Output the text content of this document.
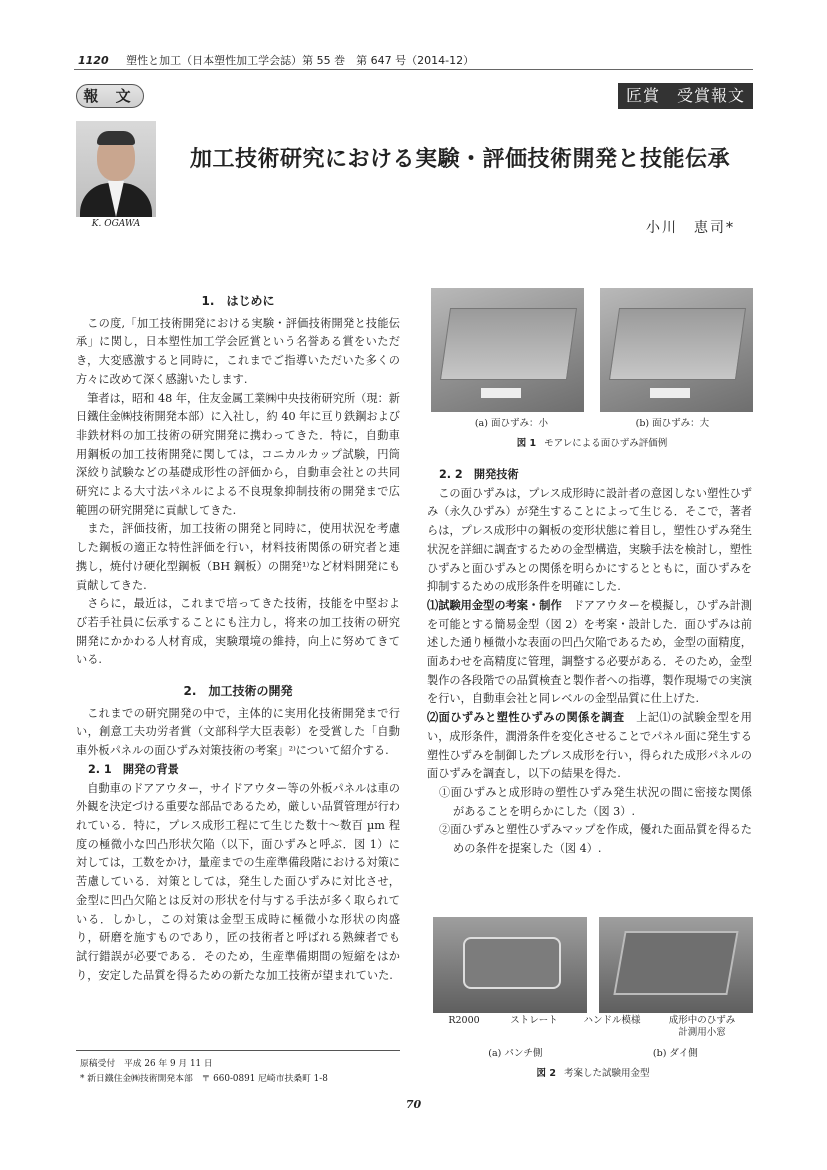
1120 塑性と加工（日本塑性加工学会誌）第 55 巻　第 647 号（2014-12）
報 文	匠賞　受賞報文
K. OGAWA
加工技術研究における実験・評価技術開発と技能伝承
小川　恵司*
1.　はじめに

この度,「加工技術開発における実験・評価技術開発と技能伝承」に関し，日本塑性加工学会匠賞という名誉ある賞をいただき，大変感激すると同時に，これまでご指導いただいた多くの方々に改めて深く感謝いたします.

筆者は，昭和 48 年，住友金属工業㈱中央技術研究所（現：新日鐵住金㈱技術開発本部）に入社し，約 40 年に亘り鉄鋼および非鉄材料の加工技術の研究開発に携わってきた．特に，自動車用鋼板の加工技術開発に関しては，コニカルカップ試験，円筒深絞り試験などの基礎成形性の評価から，自動車会社との共同研究による大寸法パネルによる不良現象抑制技術の開発まで広範囲の研究開発に貢献してきた.

また，評価技術，加工技術の開発と同時に，使用状況を考慮した鋼板の適正な特性評価を行い，材料技術関係の研究者と連携し，焼付け硬化型鋼板（BH 鋼板）の開発¹⁾など材料開発にも貢献してきた.

さらに，最近は，これまで培ってきた技術，技能を中堅および若手社員に伝承することにも注力し，将来の加工技術の研究開発にかかわる人材育成，実験環境の維持，向上に努めてきている.

2.　加工技術の開発

これまでの研究開発の中で，主体的に実用化技術開発まで行い，創意工夫功労者賞（文部科学大臣表彰）を受賞した「自動車外板パネルの面ひずみ対策技術の考案」²⁾について紹介する.

2. 1　開発の背景

自動車のドアアウター，サイドアウター等の外板パネルは車の外観を決定づける重要な部品であるため，厳しい品質管理が行われている．特に，プレス成形工程にて生じた数十～数百 µm 程度の極微小な凹凸形状欠陥（以下，面ひずみと呼ぶ．図 1）に対しては，工数をかけ，量産までの生産準備段階における対策に苦慮している．対策としては，発生した面ひずみに対比させ，金型に凹凸欠陥とは反対の形状を付与する手法が多く取られている．しかし，この対策は金型玉成時に極微小な形状の肉盛り，研磨を施すものであり，匠の技術者と呼ばれる熟練者でも試行錯誤が必要である．そのため，生産準備期間の短縮をはかり，安定した品質を得るための新たな加工技術が望まれていた.

(a) 面ひずみ：小	(b) 面ひずみ：大
図 1 モアレによる面ひずみ評価例
2. 2　開発技術

この面ひずみは，プレス成形時に設計者の意図しない塑性ひずみ（永久ひずみ）が発生することによって生じる．そこで，著者らは，プレス成形中の鋼板の変形状態に着目し，塑性ひずみ発生状況を詳細に調査するための金型構造，実験手法を検討し，塑性ひずみと面ひずみとの関係を明らかにするとともに，面ひずみを抑制するための成形条件を明確にした.

⑴試験用金型の考案・制作　 ドアアウターを模擬し，ひずみ計測を可能とする簡易金型（図 2）を考案・設計した．面ひずみは前述した通り極微小な表面の凹凸欠陥であるため，金型の面精度，面あわせを高精度に管理，調整する必要がある．そのため，金型製作の各段階での品質検査と製作者への指導，製作現場での実演を行い，自動車会社と同レベルの金型品質に仕上げた.
⑵面ひずみと塑性ひずみの関係を調査　 上記⑴の試験金型を用い，成形条件，潤滑条件を変化させることでパネル面に発生する塑性ひずみを制御したプレス成形を行い，得られた成形パネルの面ひずみを調査し，以下の結果を得た.
①面ひずみと成形時の塑性ひずみ発生状況の間に密接な関係があることを明らかにした（図 3）.
②面ひずみと塑性ひずみマップを作成，優れた面品質を得るための条件を提案した（図 4）.
R2000	ストレート	ハンドル模様	成形中のひずみ
計測用小窓
(a) パンチ側	(b) ダイ側
図 2 考案した試験用金型
原稿受付　平成 26 年 9 月 11 日
* 新日鐵住金㈱技術開発本部　〒 660-0891 尼崎市扶桑町 1-8
70
